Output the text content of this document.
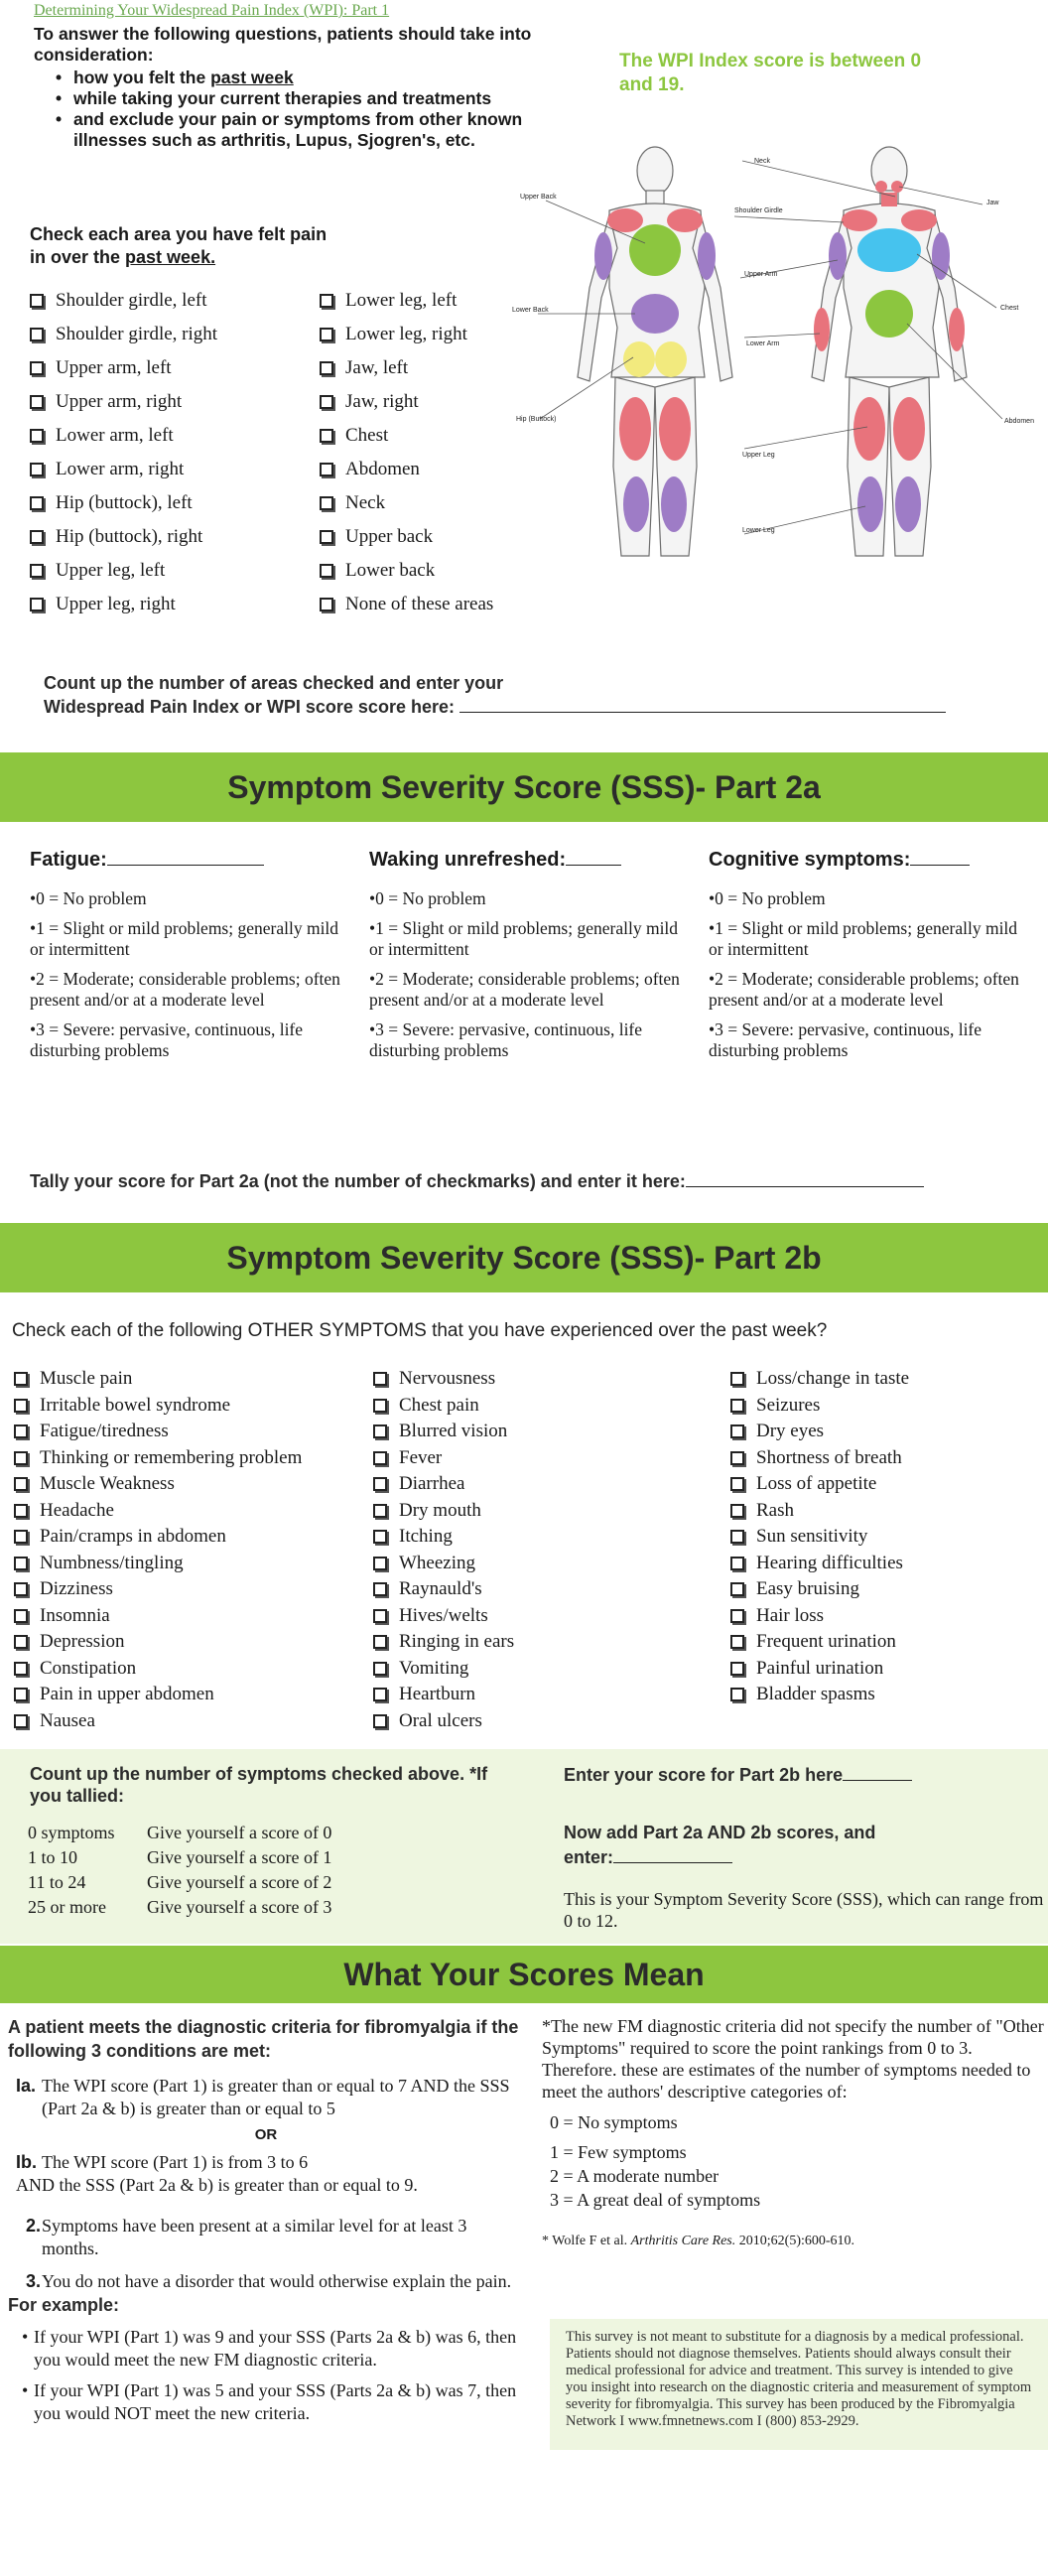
Determining Your Widespread Pain Index (WPI): Part 1
To answer the following questions, patients should take into consideration:
• how you felt the past week
• while taking your current therapies and treatments
• and exclude your pain or symptoms from other known illnesses such as arthritis, Lupus, Sjogren's, etc.
The WPI Index score is between 0 and 19.
Check each area you have felt pain
in over the past week.
Shoulder girdle, left
Shoulder girdle, right
Upper arm, left
Upper arm, right
Lower arm, left
Lower arm, right
Hip (buttock), left
Hip (buttock), right
Upper leg, left
Upper leg, right
Lower leg, left
Lower leg, right
Jaw, left
Jaw, right
Chest
Abdomen
Neck
Upper back
Lower back
None of these areas
Upper Back
Lower Back
Hip (Buttock)
Neck
Shoulder Girdle
Upper Arm
Lower Arm
Upper Leg
Lower Leg
Jaw
Chest
Abdomen
Count up the number of areas checked and enter your
Widespread Pain Index or WPI score score here:
Symptom Severity Score (SSS)- Part 2a
Fatigue:

• 0 = No problem

• 1 = Slight or mild problems; generally mild or intermittent

• 2 = Moderate; considerable problems; often present and/or at a moderate level

• 3 = Severe: pervasive, continuous, life disturbing problems

Waking unrefreshed:

• 0 = No problem

• 1 = Slight or mild problems; generally mild or intermittent

• 2 = Moderate; considerable problems; often present and/or at a moderate level

• 3 = Severe: pervasive, continuous, life disturbing problems

Cognitive symptoms:

• 0 = No problem

• 1 = Slight or mild problems; generally mild or intermittent

• 2 = Moderate; considerable problems; often present and/or at a moderate level

• 3 = Severe: pervasive, continuous, life disturbing problems

Tally your score for Part 2a (not the number of checkmarks) and enter it here:
Symptom Severity Score (SSS)- Part 2b
Check each of the following OTHER SYMPTOMS that you have experienced over the past week?
Muscle pain
Irritable bowel syndrome
Fatigue/tiredness
Thinking or remembering problem
Muscle Weakness
Headache
Pain/cramps in abdomen
Numbness/tingling
Dizziness
Insomnia
Depression
Constipation
Pain in upper abdomen
Nausea
Nervousness
Chest pain
Blurred vision
Fever
Diarrhea
Dry mouth
Itching
Wheezing
Raynauld's
Hives/welts
Ringing in ears
Vomiting
Heartburn
Oral ulcers
Loss/change in taste
Seizures
Dry eyes
Shortness of breath
Loss of appetite
Rash
Sun sensitivity
Hearing difficulties
Easy bruising
Hair loss
Frequent urination
Painful urination
Bladder spasms
Count up the number of symptoms checked above. *If you tallied:
0 symptoms	Give yourself a score of 0
1 to 10	Give yourself a score of 1
11 to 24	Give yourself a score of 2
25 or more	Give yourself a score of 3
Enter your score for Part 2b here
Now add Part 2a AND 2b scores, and
enter:
This is your Symptom Severity Score (SSS), which can range from 0 to 12.
What Your Scores Mean
A patient meets the diagnostic criteria for fibromyalgia if the following 3 conditions are met:
Ia. The WPI score (Part 1) is greater than or equal to 7 AND the SSS (Part 2a & b) is greater than or equal to 5
OR
Ib. The WPI score (Part 1) is from 3 to 6
AND the SSS (Part 2a & b) is greater than or equal to 9.
2. Symptoms have been present at a similar level for at least 3 months.
3. You do not have a disorder that would otherwise explain the pain.
For example:
• If your WPI (Part 1) was 9 and your SSS (Parts 2a & b) was 6, then you would meet the new FM diagnostic criteria.
• If your WPI (Part 1) was 5 and your SSS (Parts 2a & b) was 7, then you would NOT meet the new criteria.
*The new FM diagnostic criteria did not specify the number of "Other Symptoms" required to score the point rankings from 0 to 3. Therefore. these are estimates of the number of symptoms needed to meet the authors' descriptive categories of:
0 = No symptoms
1 = Few symptoms
2 = A moderate number
3 = A great deal of symptoms
* Wolfe F et al. Arthritis Care Res. 2010;62(5):600-610.
This survey is not meant to substitute for a diagnosis by a medical professional. Patients should not diagnose themselves. Patients should always consult their medical professional for advice and treatment. This survey is intended to give you insight into research on the diagnostic criteria and measurement of symptom severity for fibromyalgia. This survey has been produced by the Fibromyalgia Network I www.fmnetnews.com I (800) 853-2929.
